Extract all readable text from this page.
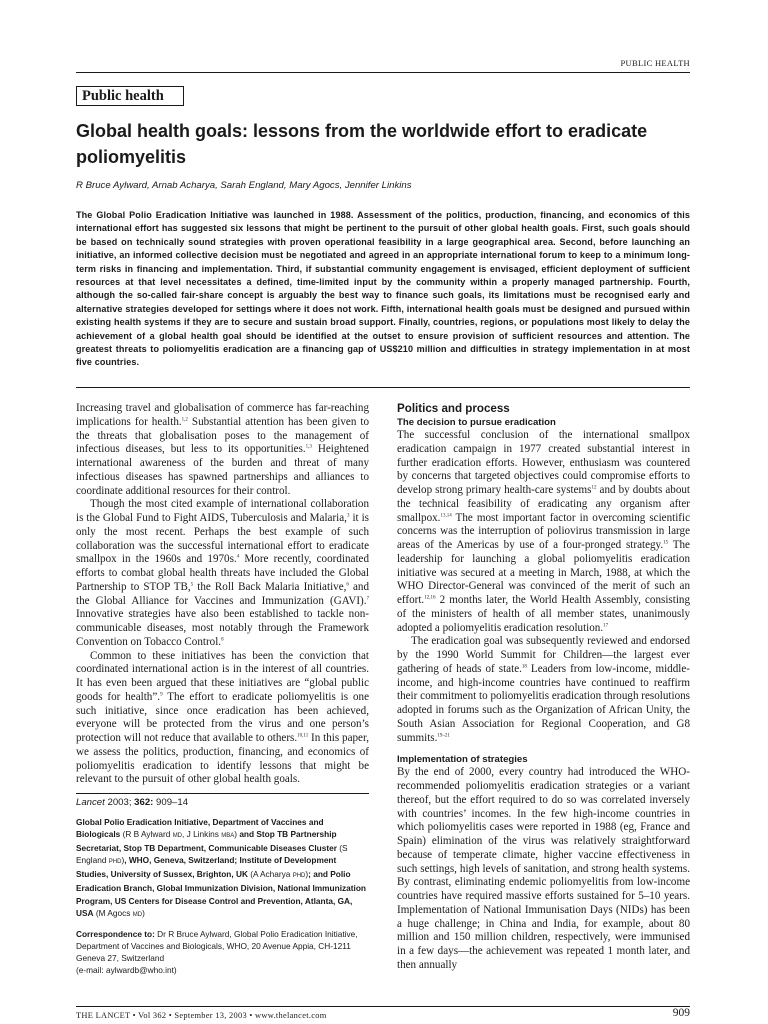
PUBLIC HEALTH
Public health
Global health goals: lessons from the worldwide effort to eradicate poliomyelitis
R Bruce Aylward, Arnab Acharya, Sarah England, Mary Agocs, Jennifer Linkins
The Global Polio Eradication Initiative was launched in 1988. Assessment of the politics, production, financing, and economics of this international effort has suggested six lessons that might be pertinent to the pursuit of other global health goals. First, such goals should be based on technically sound strategies with proven operational feasibility in a large geographical area. Second, before launching an initiative, an informed collective decision must be negotiated and agreed in an appropriate international forum to keep to a minimum long-term risks in financing and implementation. Third, if substantial community engagement is envisaged, efficient deployment of sufficient resources at that level necessitates a defined, time-limited input by the community within a properly managed partnership. Fourth, although the so-called fair-share concept is arguably the best way to finance such goals, its limitations must be recognised early and alternative strategies developed for settings where it does not work. Fifth, international health goals must be designed and pursued within existing health systems if they are to secure and sustain broad support. Finally, countries, regions, or populations most likely to delay the achievement of a global health goal should be identified at the outset to ensure provision of sufficient resources and attention. The greatest threats to poliomyelitis eradication are a financing gap of US$210 million and difficulties in strategy implementation in at most five countries.

Increasing travel and globalisation of commerce has far-reaching implications for health.$^{1,2}$ Substantial attention has been given to the threats that globalisation poses to the management of infectious diseases, but less to its opportunities.$^{1,3}$ Heightened international awareness of the burden and threat of many infectious diseases has spawned partnerships and alliances to coordinate additional resources for their control.

Though the most cited example of international collaboration is the Global Fund to Fight AIDS, Tuberculosis and Malaria,$^3$ it is only the most recent. Perhaps the best example of such collaboration was the successful international effort to eradicate smallpox in the 1960s and 1970s.$^4$ More recently, coordinated efforts to combat global health threats have included the Global Partnership to STOP TB,$^5$ the Roll Back Malaria Initiative,$^6$ and the Global Alliance for Vaccines and Immunization (GAVI).$^7$ Innovative strategies have also been established to tackle non-communicable diseases, most notably through the Framework Convention on Tobacco Control.$^8$

Common to these initiatives has been the conviction that coordinated international action is in the interest of all countries. It has even been argued that these initiatives are “global public goods for health”.$^9$ The effort to eradicate poliomyelitis is one such initiative, since once eradication has been achieved, everyone will be protected from the virus and one person’s protection will not reduce that available to others.$^{10,11}$ In this paper, we assess the politics, production, financing, and economics of poliomyelitis eradication to identify lessons that might be relevant to the pursuit of other global health goals.

Lancet 2003; 362: 909–14

Global Polio Eradication Initiative, Department of Vaccines and Biologicals (R B Aylward MD, J Linkins MBA) and Stop TB Partnership Secretariat, Stop TB Department, Communicable Diseases Cluster (S England PHD), WHO, Geneva, Switzerland; Institute of Development Studies, University of Sussex, Brighton, UK (A Acharya PHD); and Polio Eradication Branch, Global Immunization Division, National Immunization Program, US Centers for Disease Control and Prevention, Atlanta, GA, USA (M Agocs MD)

Correspondence to: Dr R Bruce Aylward, Global Polio Eradication Initiative, Department of Vaccines and Biologicals, WHO, 20 Avenue Appia, CH-1211 Geneva 27, Switzerland
(e-mail: aylwardb@who.int)

Politics and process
The decision to pursue eradication

The successful conclusion of the international smallpox eradication campaign in 1977 created substantial interest in further eradication efforts. However, enthusiasm was countered by concerns that targeted objectives could compromise efforts to develop strong primary health-care systems$^{12}$ and by doubts about the technical feasibility of eradicating any organism after smallpox.$^{13,14}$ The most important factor in overcoming scientific concerns was the interruption of poliovirus transmission in large areas of the Americas by use of a four-pronged strategy.$^{15}$ The leadership for launching a global poliomyelitis eradication initiative was secured at a meeting in March, 1988, at which the WHO Director-General was convinced of the merit of such an effort.$^{12,16}$ 2 months later, the World Health Assembly, consisting of the ministers of health of all member states, unanimously adopted a poliomyelitis eradication resolution.$^{17}$

The eradication goal was subsequently reviewed and endorsed by the 1990 World Summit for Children—the largest ever gathering of heads of state.$^{18}$ Leaders from low-income, middle-income, and high-income countries have continued to reaffirm their commitment to poliomyelitis eradication through resolutions adopted in forums such as the Organization of African Unity, the South Asian Association for Regional Cooperation, and G8 summits.$^{19-21}$

Implementation of strategies

By the end of 2000, every country had introduced the WHO-recommended poliomyelitis eradication strategies or a variant thereof, but the effort required to do so was correlated inversely with countries’ incomes. In the few high-income countries in which poliomyelitis cases were reported in 1988 (eg, France and Spain) elimination of the virus was relatively straightforward because of temperate climate, higher vaccine effectiveness in such settings, high levels of sanitation, and strong health systems. By contrast, eliminating endemic poliomyelitis from low-income countries have required massive efforts sustained for 5–10 years. Implementation of National Immunisation Days (NIDs) has been a huge challenge; in China and India, for example, about 80 million and 150 million children, respectively, were immunised in a few days—the achievement was repeated 1 month later, and then annually

THE LANCET • Vol 362 • September 13, 2003 • www.thelancet.com	909
